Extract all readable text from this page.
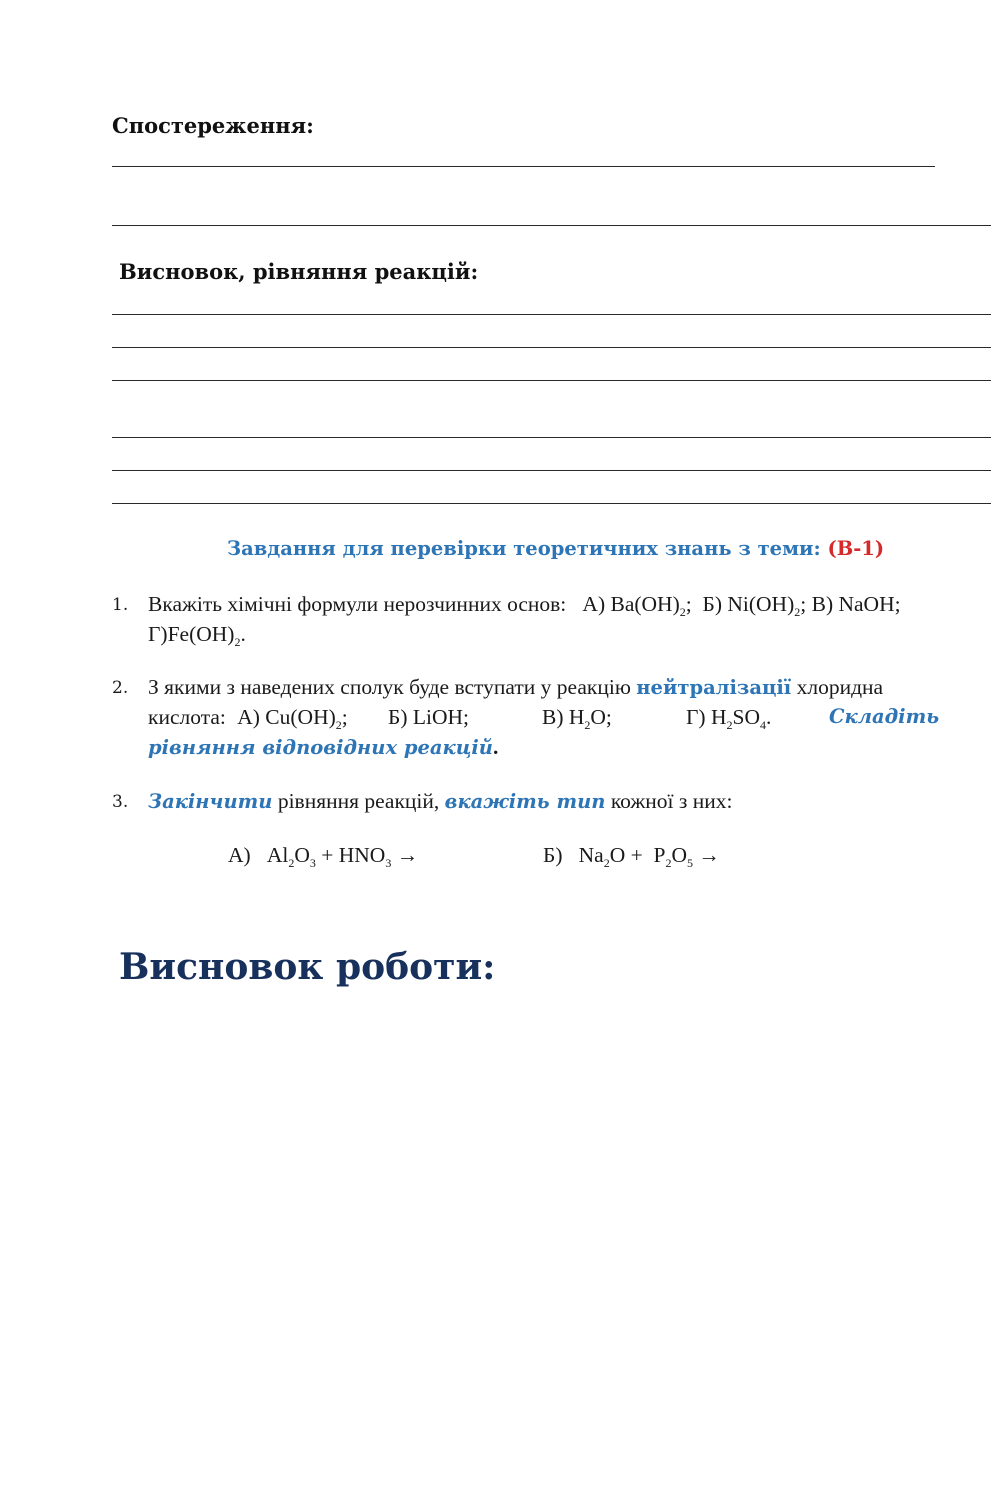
Спостереження:
Висновок, рівняння реакцій:
Завдання для перевірки теоретичних знань з теми: (В-1)
1. Вкажіть хімічні формули нерозчинних основ: А) $Ba(OH)_2$; Б) $Ni(OH)_2$; В) NaOH;
$Г)Fe(OH)_2$.
2. З якими з наведених сполук буде вступати у реакцію нейтралізації хлоридна
кислота: А) $Cu(OH)_2$; Б) LiOH;	В) $H_2O$;	Г) $H_2SO_4$.	Складіть
рівняння відповідних реакцій.
3. Закінчити рівняння реакцій, вкажіть тип кожної з них:
А) $Al_2O_3 + HNO_3$ →	Б) $Na_2O + P_2O_5$ →
Висновок роботи:
